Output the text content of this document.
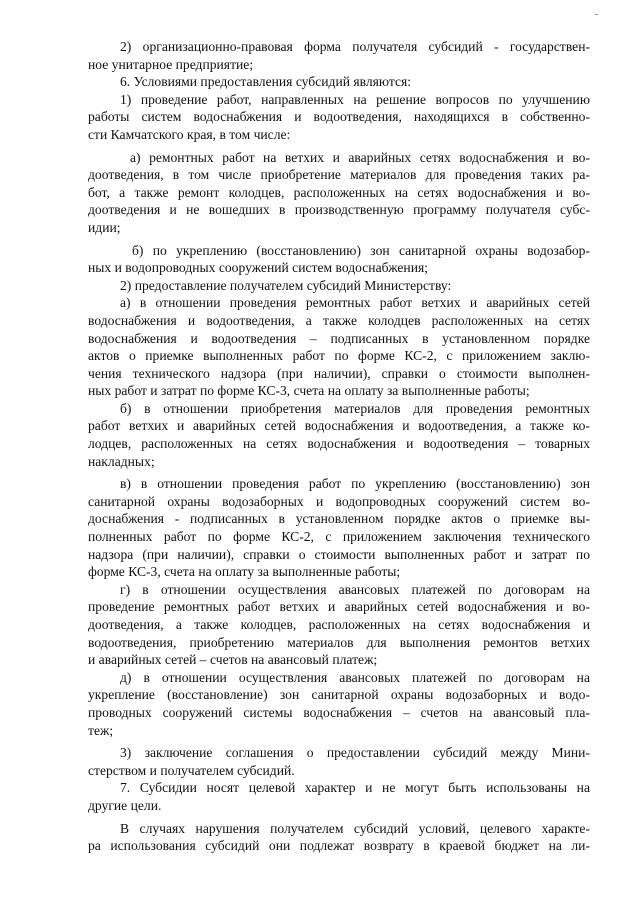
2) организационно-правовая форма получателя субсидий - государствен-
ное унитарное предприятие;
6. Условиями предоставления субсидий являются:
1) проведение работ, направленных на решение вопросов по улучшению
работы систем водоснабжения и водоотведения, находящихся в собственно-
сти Камчатского края, в том числе:
а) ремонтных работ на ветхих и аварийных сетях водоснабжения и во-
доотведения, в том числе приобретение материалов для проведения таких ра-
бот, а также ремонт колодцев, расположенных на сетях водоснабжения и во-
доотведения и не вошедших в производственную программу получателя субс-
идии;
б) по укреплению (восстановлению) зон санитарной охраны водозабор-
ных и водопроводных сооружений систем водоснабжения;
2) предоставление получателем субсидий Министерству:
а) в отношении проведения ремонтных работ ветхих и аварийных сетей
водоснабжения и водоотведения, а также колодцев расположенных на сетях
водоснабжения и водоотведения – подписанных в установленном порядке
актов о приемке выполненных работ по форме КС-2, с приложением заклю-
чения технического надзора (при наличии), справки о стоимости выполнен-
ных работ и затрат по форме КС-3, счета на оплату за выполненные работы;
б) в отношении приобретения материалов для проведения ремонтных
работ ветхих и аварийных сетей водоснабжения и водоотведения, а также ко-
лодцев, расположенных на сетях водоснабжения и водоотведения – товарных
накладных;
в) в отношении проведения работ по укреплению (восстановлению) зон
санитарной охраны водозаборных и водопроводных сооружений систем во-
доснабжения - подписанных в установленном порядке актов о приемке вы-
полненных работ по форме КС-2, с приложением заключения технического
надзора (при наличии), справки о стоимости выполненных работ и затрат по
форме КС-3, счета на оплату за выполненные работы;
г) в отношении осуществления авансовых платежей по договорам на
проведение ремонтных работ ветхих и аварийных сетей водоснабжения и во-
доотведения, а также колодцев, расположенных на сетях водоснабжения и
водоотведения, приобретению материалов для выполнения ремонтов ветхих
и аварийных сетей – счетов на авансовый платеж;
д) в отношении осуществления авансовых платежей по договорам на
укрепление (восстановление) зон санитарной охраны водозаборных и водо-
проводных сооружений системы водоснабжения – счетов на авансовый пла-
теж;
3) заключение соглашения о предоставлении субсидий между Мини-
стерством и получателем субсидий.
7. Субсидии носят целевой характер и не могут быть использованы на
другие цели.
В случаях нарушения получателем субсидий условий, целевого характе-
ра использования субсидий они подлежат возврату в краевой бюджет на ли-
